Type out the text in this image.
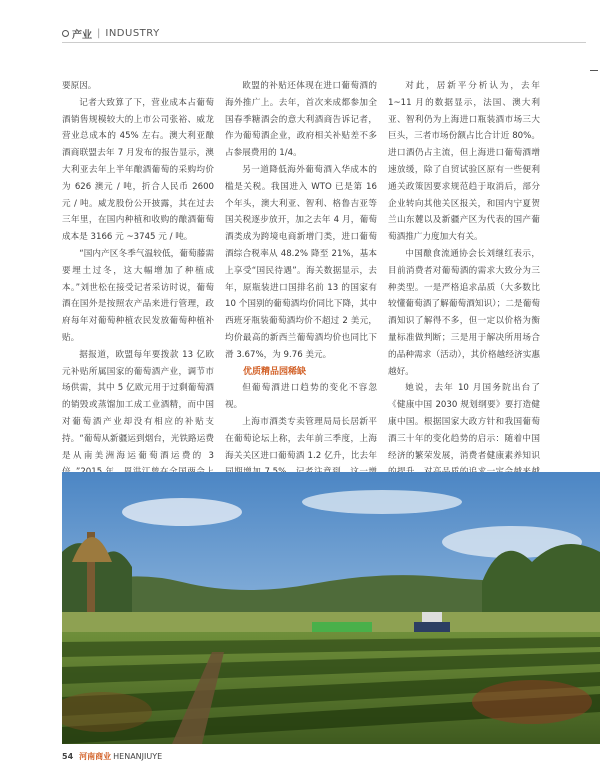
产业 | INDUSTRY

要原因。

记者大致算了下，营业成本占葡萄酒销售规模较大的上市公司张裕、威龙营业总成本的 45% 左右。澳大利亚酿酒商联盟去年 7 月发布的报告显示，澳大利亚去年上半年酿酒葡萄的采购均价为 626 澳元 / 吨，折合人民币 2600 元 / 吨。威龙股份公开披露，其在过去三年里，在国内种植和收购的酿酒葡萄成本是 3166 元 ~3745 元 / 吨。

“国内产区冬季气温较低，葡萄藤需要埋土过冬，这大幅增加了种植成本。”刘世松在接受记者采访时说，葡萄酒在国外是按照农产品来进行管理，政府每年对葡萄种植农民发放葡萄种植补贴。

据报道，欧盟每年要拨款 13 亿欧元补贴所属国家的葡萄酒产业，调节市场供需，其中 5 亿欧元用于过剩葡萄酒的销毁或蒸馏加工成工业酒精，而中国对葡萄酒产业却没有相应的补贴支持。“葡萄从新疆运到烟台，光铁路运费是从南美洲海运葡萄酒运费的 3

欧盟的补贴还体现在进口葡萄酒的海外推广上。去年，首次来成都参加全国春季糖酒会的意大利酒商告诉记者，作为葡萄酒企业，政府相关补贴差不多占参展费用的 1/4。

另一道降低海外葡萄酒入华成本的槛是关税。我国进入 WTO 已是第 16 个年头，澳大利亚、智利、格鲁吉亚等国关税逐步放开，加之去年 4 月，葡萄酒类成为跨境电商新增门类，进口葡萄酒综合税率从 48.2% 降至 21%，基本上享受“国民待遇”。海关数据显示，去年，原瓶装进口国排名前 13 的国家有 10 个国别的葡萄酒均价同比下降，其中西班牙瓶装葡萄酒均价不超过 2 美元，均价最高的新西兰葡萄酒均价也同比下滑 3.67%，为 9.76 美元。

优质精品园稀缺

但葡萄酒进口趋势的变化不容忽视。

上海市酒类专卖管理局局长居新平在葡萄论坛上称，去年前三季度，上海海关关区进口葡萄酒 1.2 亿升，比去年

对此，居新平分析认为，去年 1~11 月的数据显示，法国、澳大利亚、智利仍为上海进口瓶装酒市场三大巨头，三者市场份额占比合计近 80%。进口酒仍占主流，但上海进口葡萄酒增速放缓，除了自贸试验区原有一些便利通关政策因要求规范趋于取消后，部分企业转向其他关区报关，和国内宁夏贺兰山东麓以及新疆产区为代表的国产葡萄酒推广力度加大有关。

中国酿食流通协会长刘继红表示，目前消费者对葡萄酒的需求大致分为三种类型。一是严格追求品质（大多数比较懂葡萄酒了解葡萄酒知识）；二是葡萄酒知识了解得不多，但一定以价格为衡量标准做判断；三是用于解决所用场合的品种需求（活动），其价格越经济实惠越好。

她说，去年 10 月国务院出台了《健康中国 2030 规划纲要》要打造健康中国。根据国家大政方针和我国葡萄酒三十年的变化趋势的启示：随着中国经济的繁荣发展，消费者健康素养知识

54 河南商业 HENANJIUYE
